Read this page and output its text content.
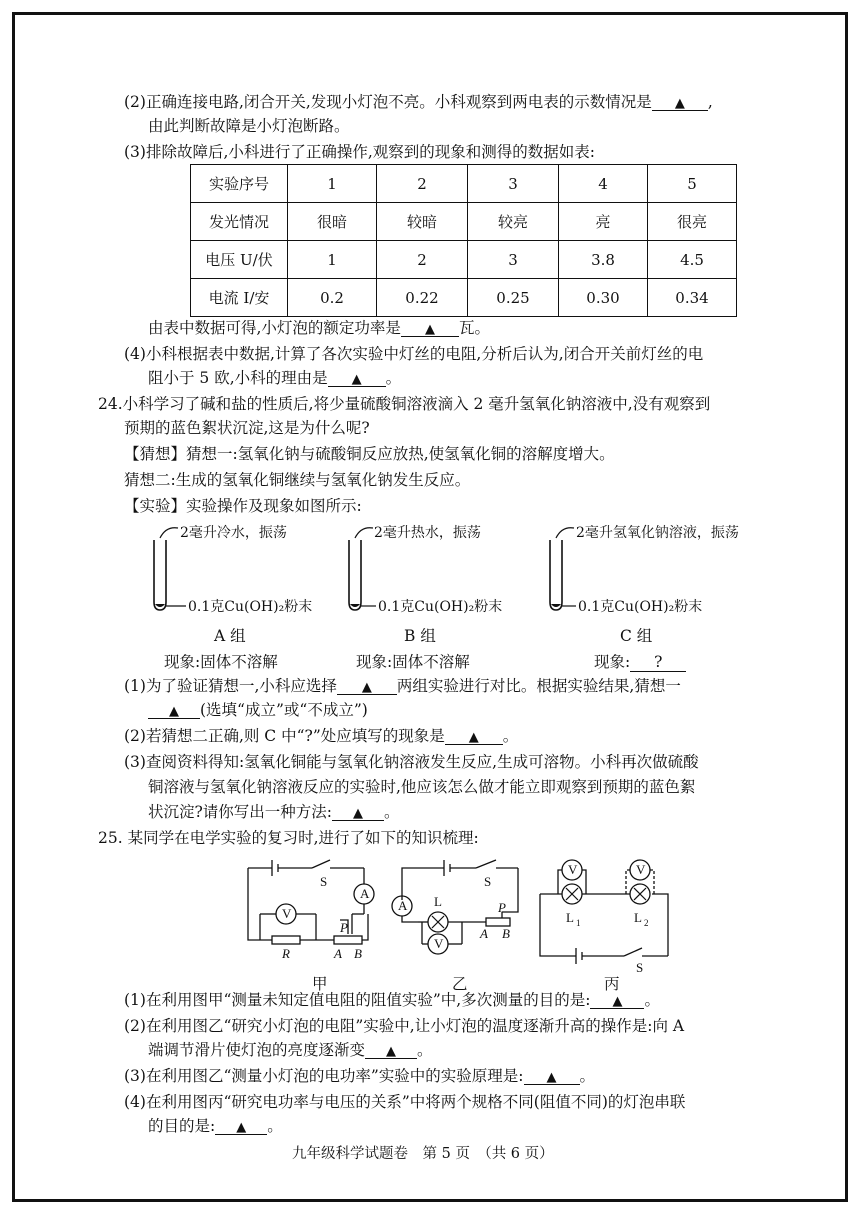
(2)正确连接电路,闭合开关,发现小灯泡不亮。小科观察到两电表的示数情况是 ▲ ,
由此判断故障是小灯泡断路。
(3)排除故障后,小科进行了正确操作,观察到的现象和测得的数据如表:
实验序号	1	2	3	4	5
发光情况	很暗	较暗	较亮	亮	很亮
电压 U/伏	1	2	3	3.8	4.5
电流 I/安	0.2	0.22	0.25	0.30	0.34
由表中数据可得,小灯泡的额定功率是 ▲ 瓦。
(4)小科根据表中数据,计算了各次实验中灯丝的电阻,分析后认为,闭合开关前灯丝的电
阻小于 5 欧,小科的理由是 ▲ 。
24.小科学习了碱和盐的性质后,将少量硫酸铜溶液滴入 2 毫升氢氧化钠溶液中,没有观察到
预期的蓝色絮状沉淀,这是为什么呢?
【猜想】猜想一:氢氧化钠与硫酸铜反应放热,使氢氧化铜的溶解度增大。
猜想二:生成的氢氧化铜继续与氢氧化钠发生反应。
【实验】实验操作及现象如图所示:
2毫升冷水，振荡	2毫升热水，振荡	2毫升氢氧化钠溶液，振荡
0.1克Cu(OH)₂粉末	0.1克Cu(OH)₂粉末	0.1克Cu(OH)₂粉末
A 组	B 组	C 组
现象:固体不溶解	现象:固体不溶解	现象: ?
(1)为了验证猜想一,小科应选择 ▲ 两组实验进行对比。根据实验结果,猜想一
▲ (选填“成立”或“不成立”)
(2)若猜想二正确,则 C 中“?”处应填写的现象是 ▲ 。
(3)查阅资料得知:氢氧化铜能与氢氧化钠溶液发生反应,生成可溶物。小科再次做硫酸
铜溶液与氢氧化钠溶液反应的实验时,他应该怎么做才能立即观察到预期的蓝色絮
状沉淀?请你写出一种方法: ▲ 。
25. 某同学在电学实验的复习时,进行了如下的知识梳理:
A
V
S
R
P
A B
A
S
L
V
P
A B
V	V
L 1	L 2
S
甲	乙	丙
(1)在利用图甲“测量未知定值电阻的阻值实验”中,多次测量的目的是: ▲ 。
(2)在利用图乙“研究小灯泡的电阻”实验中,让小灯泡的温度逐渐升高的操作是:向 A
端调节滑片使灯泡的亮度逐渐变 ▲ 。
(3)在利用图乙“测量小灯泡的电功率”实验中的实验原理是: ▲ 。
(4)在利用图丙“研究电功率与电压的关系”中将两个规格不同(阻值不同)的灯泡串联
的目的是: ▲ 。
九年级科学试题卷　第 5 页　（共 6 页）
